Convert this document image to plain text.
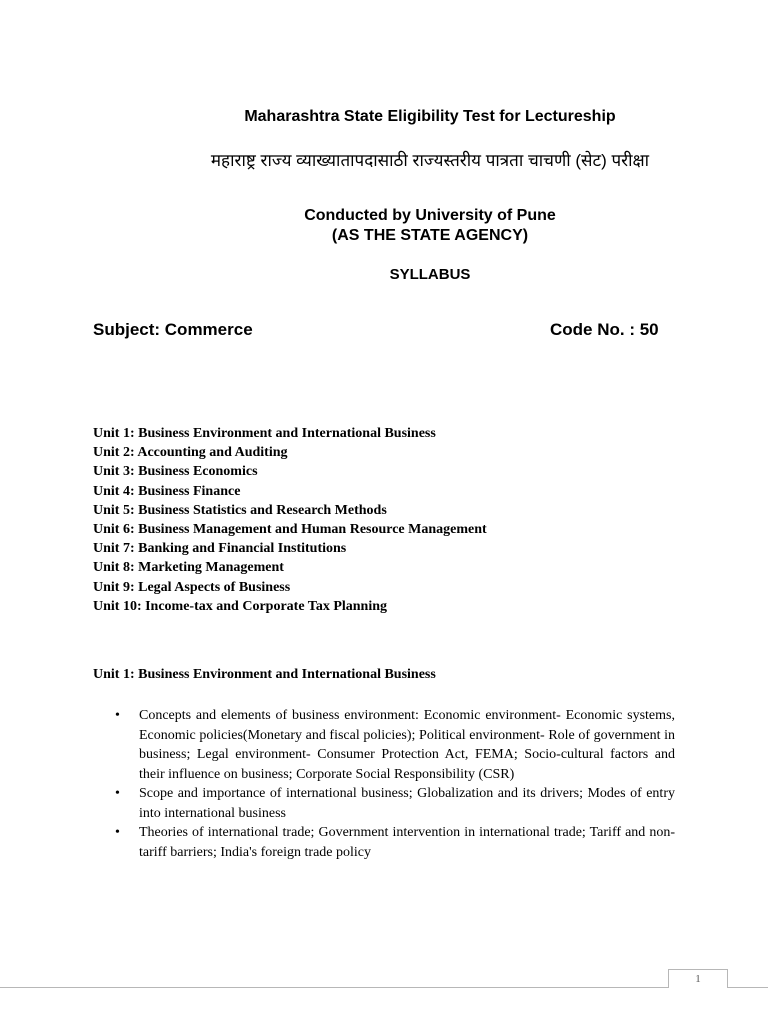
Maharashtra State Eligibility Test for Lectureship
महाराष्ट्र राज्य व्याख्यातापदासाठी राज्यस्तरीय पात्रता चाचणी (सेट) परीक्षा
Conducted by University of Pune
(AS THE STATE AGENCY)
SYLLABUS
Subject: Commerce	Code No. : 50
Unit 1: Business Environment and International Business
Unit 2: Accounting and Auditing
Unit 3: Business Economics
Unit 4: Business Finance
Unit 5: Business Statistics and Research Methods
Unit 6: Business Management and Human Resource Management
Unit 7: Banking and Financial Institutions
Unit 8: Marketing Management
Unit 9: Legal Aspects of Business
Unit 10: Income-tax and Corporate Tax Planning
Unit 1: Business Environment and International Business
• Concepts and elements of business environment: Economic environment- Economic systems, Economic policies(Monetary and fiscal policies); Political environment- Role of government in business; Legal environment- Consumer Protection Act, FEMA; Socio-cultural factors and their influence on business; Corporate Social Responsibility (CSR)
• Scope and importance of international business; Globalization and its drivers; Modes of entry into international business
• Theories of international trade; Government intervention in international trade; Tariff and non-tariff barriers; India's foreign trade policy
1
